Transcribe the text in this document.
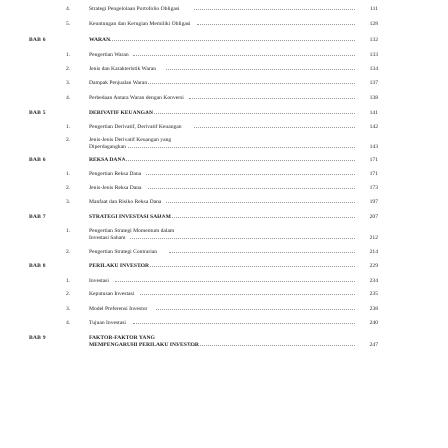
4.	Strategi Pengelolaan Portofolio Obligasi	111
5.	Keuntungan dan Kerugian Memiliki Obligasi	128
BAB 6	WARAN	132
1.	Pengertian Waran	133
2.	Jenis dan Karakteristik Waran	134
3.	Dampak Penjualan Waran	137
4.	Perbedaan Antara Waran dengan Konversi	138
BAB 5	DERIVATIF KEUANGAN	141
1.	Pengertian Derivatif, Derivatif Keuangan	142
2.	Jenis-Jenis Derivatif Keuangan yang
Diperdagangkan	143
BAB 6	REKSA DANA	171
1.	Pengertian Reksa Dana	171
2.	Jenis-Jenis Reksa Dana	173
3.	Manfaat dan Risiko Reksa Dana	197
BAB 7	STRATEGI INVESTASI SAHAM	207
1.	Pengertian Strategi Momentum dalam
Investasi Saham	212
2.	Pengertian Strategi Contrarian	214
BAB 8	PERILAKU INVESTOR	229
1.	Investasi	234
2.	Keputusan Investasi	235
3.	Model Preferensi Investor	238
4.	Tujuan Investasi	240
BAB 9	FAKTOR-FAKTOR YANG
MEMPENGARUHI PERILAKU INVESTOR	247
